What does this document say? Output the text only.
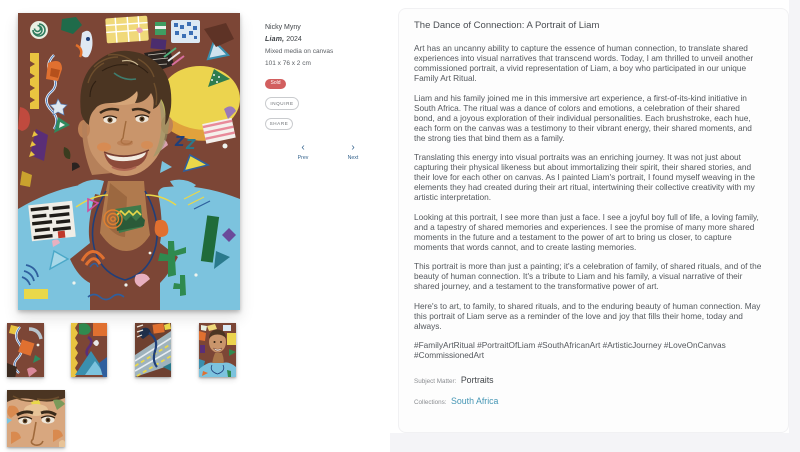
Z Z
Nicky Myny
Liam, 2024
Mixed media on canvas
101 x 76 x 2 cm
Sold
INQUIRE
SHARE
‹
Prev
›
Next
The Dance of Connection: A Portrait of Liam

Art has an uncanny ability to capture the essence of human connection, to translate shared experiences into visual narratives that transcend words. Today, I am thrilled to unveil another commissioned portrait, a vivid representation of Liam, a boy who participated in our unique Family Art Ritual.

Liam and his family joined me in this immersive art experience, a first-of-its-kind initiative in South Africa. The ritual was a dance of colors and emotions, a celebration of their shared bond, and a joyous exploration of their individual personalities. Each brushstroke, each hue, each form on the canvas was a testimony to their vibrant energy, their shared moments, and the strong ties that bind them as a family.

Translating this energy into visual portraits was an enriching journey. It was not just about capturing their physical likeness but about immortalizing their spirit, their shared stories, and their love for each other on canvas. As I painted Liam's portrait, I found myself weaving in the elements they had created during their art ritual, intertwining their collective creativity with my artistic interpretation.

Looking at this portrait, I see more than just a face. I see a joyful boy full of life, a loving family, and a tapestry of shared memories and experiences. I see the promise of many more shared moments in the future and a testament to the power of art to bring us closer, to capture moments that words cannot, and to create lasting memories.

This portrait is more than just a painting; it's a celebration of family, of shared rituals, and of the beauty of human connection. It's a tribute to Liam and his family, a visual narrative of their shared journey, and a testament to the transformative power of art.

Here's to art, to family, to shared rituals, and to the enduring beauty of human connection. May this portrait of Liam serve as a reminder of the love and joy that fills their home, today and always.

#FamilyArtRitual #PortraitOfLiam #SouthAfricanArt #ArtisticJourney #LoveOnCanvas #CommissionedArt

Subject Matter: Portraits
Collections: South Africa
